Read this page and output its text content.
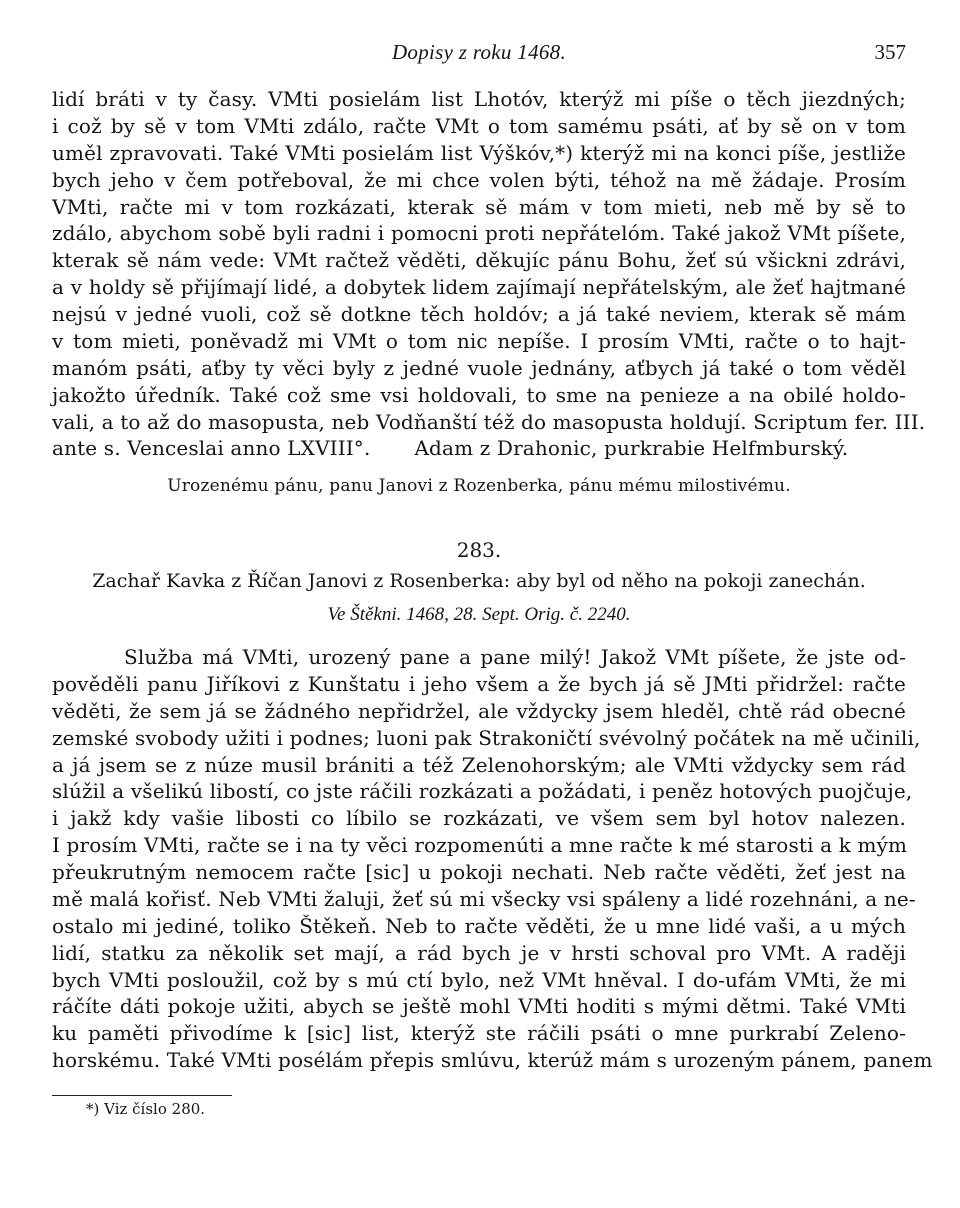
Dopisy z roku 1468.	357
lidí bráti v ty časy. VMti posielám list Lhotóv, kterýž mi píše o těch jiezdných;
i což by sě v tom VMti zdálo, račte VMt o tom samému psáti, ať by sě on v tom
uměl zpravovati. Také VMti posielám list Výškóv,*) kterýž mi na konci píše, jestliže
bych jeho v čem potřeboval, že mi chce volen býti, téhož na mě žádaje. Prosím
VMti, račte mi v tom rozkázati, kterak sě mám v tom mieti, neb mě by sě to
zdálo, abychom sobě byli radni i pomocni proti nepřátelóm. Také jakož VMt píšete,
kterak sě nám vede: VMt račtež věděti, děkujíc pánu Bohu, žeť sú všickni zdrávi,
a v holdy sě přijímají lidé, a dobytek lidem zajímají nepřátelským, ale žeť hajtmané
nejsú v jedné vuoli, což sě dotkne těch holdóv; a já také neviem, kterak sě mám
v tom mieti, poněvadž mi VMt o tom nic nepíše. I prosím VMti, račte o to hajt-
manóm psáti, aťby ty věci byly z jedné vuole jednány, aťbych já také o tom věděl
jakožto úředník. Také což sme vsi holdovali, to sme na penieze a na obilé holdo-
vali, a to až do masopusta, neb Vodňanští též do masopusta holdují. Scriptum fer. III.
ante s. Venceslai anno LXVIII°. Adam z Drahonic, purkrabie Helfmburský.
Urozenému pánu, panu Janovi z Rozenberka, pánu mému milostivému.
283.
Zachař Kavka z Říčan Janovi z Rosenberka: aby byl od něho na pokoji zanechán.
Ve Štěkni. 1468, 28. Sept. Orig. č. 2240.
Služba má VMti, urozený pane a pane milý! Jakož VMt píšete, že jste od-
pověděli panu Jiříkovi z Kunštatu i jeho všem a že bych já sě JMti přidržel: račte
věděti, že sem já se žádného nepřidržel, ale vždycky jsem hleděl, chtě rád obecné
zemské svobody užiti i podnes; luoni pak Strakoničtí svévolný počátek na mě učinili,
a já jsem se z núze musil brániti a též Zelenohorským; ale VMti vždycky sem rád
slúžil a všelikú libostí, co jste ráčili rozkázati a požádati, i peněz hotových puojčuje,
i jakž kdy vašie libosti co líbilo se rozkázati, ve všem sem byl hotov nalezen.
I prosím VMti, račte se i na ty věci rozpomenúti a mne račte k mé starosti a k mým
přeukrutným nemocem račte [sic] u pokoji nechati. Neb račte věděti, žeť jest na
mě malá kořisť. Neb VMti žaluji, žeť sú mi všecky vsi spáleny a lidé rozehnáni, a ne-
ostalo mi jediné, toliko Štěkeň. Neb to račte věděti, že u mne lidé vaši, a u mých
lidí, statku za několik set mají, a rád bych je v hrsti schoval pro VMt. A raději
bych VMti posloužil, což by s mú ctí bylo, než VMt hněval. I do-ufám VMti, že mi
ráčíte dáti pokoje užiti, abych se ještě mohl VMti hoditi s mými dětmi. Také VMti
ku paměti přivodíme k [sic] list, kterýž ste ráčili psáti o mne purkrabí Zeleno-
horskému. Také VMti posélám přepis smlúvu, kterúž mám s urozeným pánem, panem
*) Viz číslo 280.
